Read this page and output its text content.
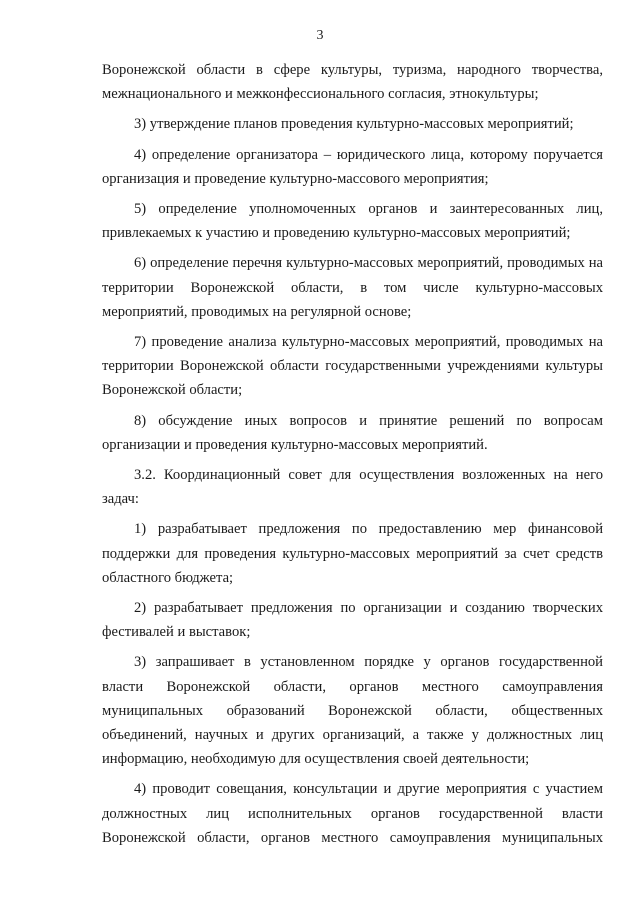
3

Воронежской области в сфере культуры, туризма, народного творчества, межнационального и межконфессионального согласия, этнокультуры;

3) утверждение планов проведения культурно-массовых мероприятий;

4) определение организатора – юридического лица, которому поручается организация и проведение культурно-массового мероприятия;

5) определение уполномоченных органов и заинтересованных лиц, привлекаемых к участию и проведению культурно-массовых мероприятий;

6) определение перечня культурно-массовых мероприятий, проводимых на территории Воронежской области, в том числе культурно-массовых мероприятий, проводимых на регулярной основе;

7) проведение анализа культурно-массовых мероприятий, проводимых на территории Воронежской области государственными учреждениями культуры Воронежской области;

8) обсуждение иных вопросов и принятие решений по вопросам организации и проведения культурно-массовых мероприятий.

3.2. Координационный совет для осуществления возложенных на него задач:

1) разрабатывает предложения по предоставлению мер финансовой поддержки для проведения культурно-массовых мероприятий за счет средств областного бюджета;

2) разрабатывает предложения по организации и созданию творческих фестивалей и выставок;

3) запрашивает в установленном порядке у органов государственной власти Воронежской области, органов местного самоуправления муниципальных образований Воронежской области, общественных объединений, научных и других организаций, а также у должностных лиц информацию, необходимую для осуществления своей деятельности;

4) проводит совещания, консультации и другие мероприятия с участием должностных лиц исполнительных органов государственной власти Воронежской области, органов местного самоуправления муниципальных
